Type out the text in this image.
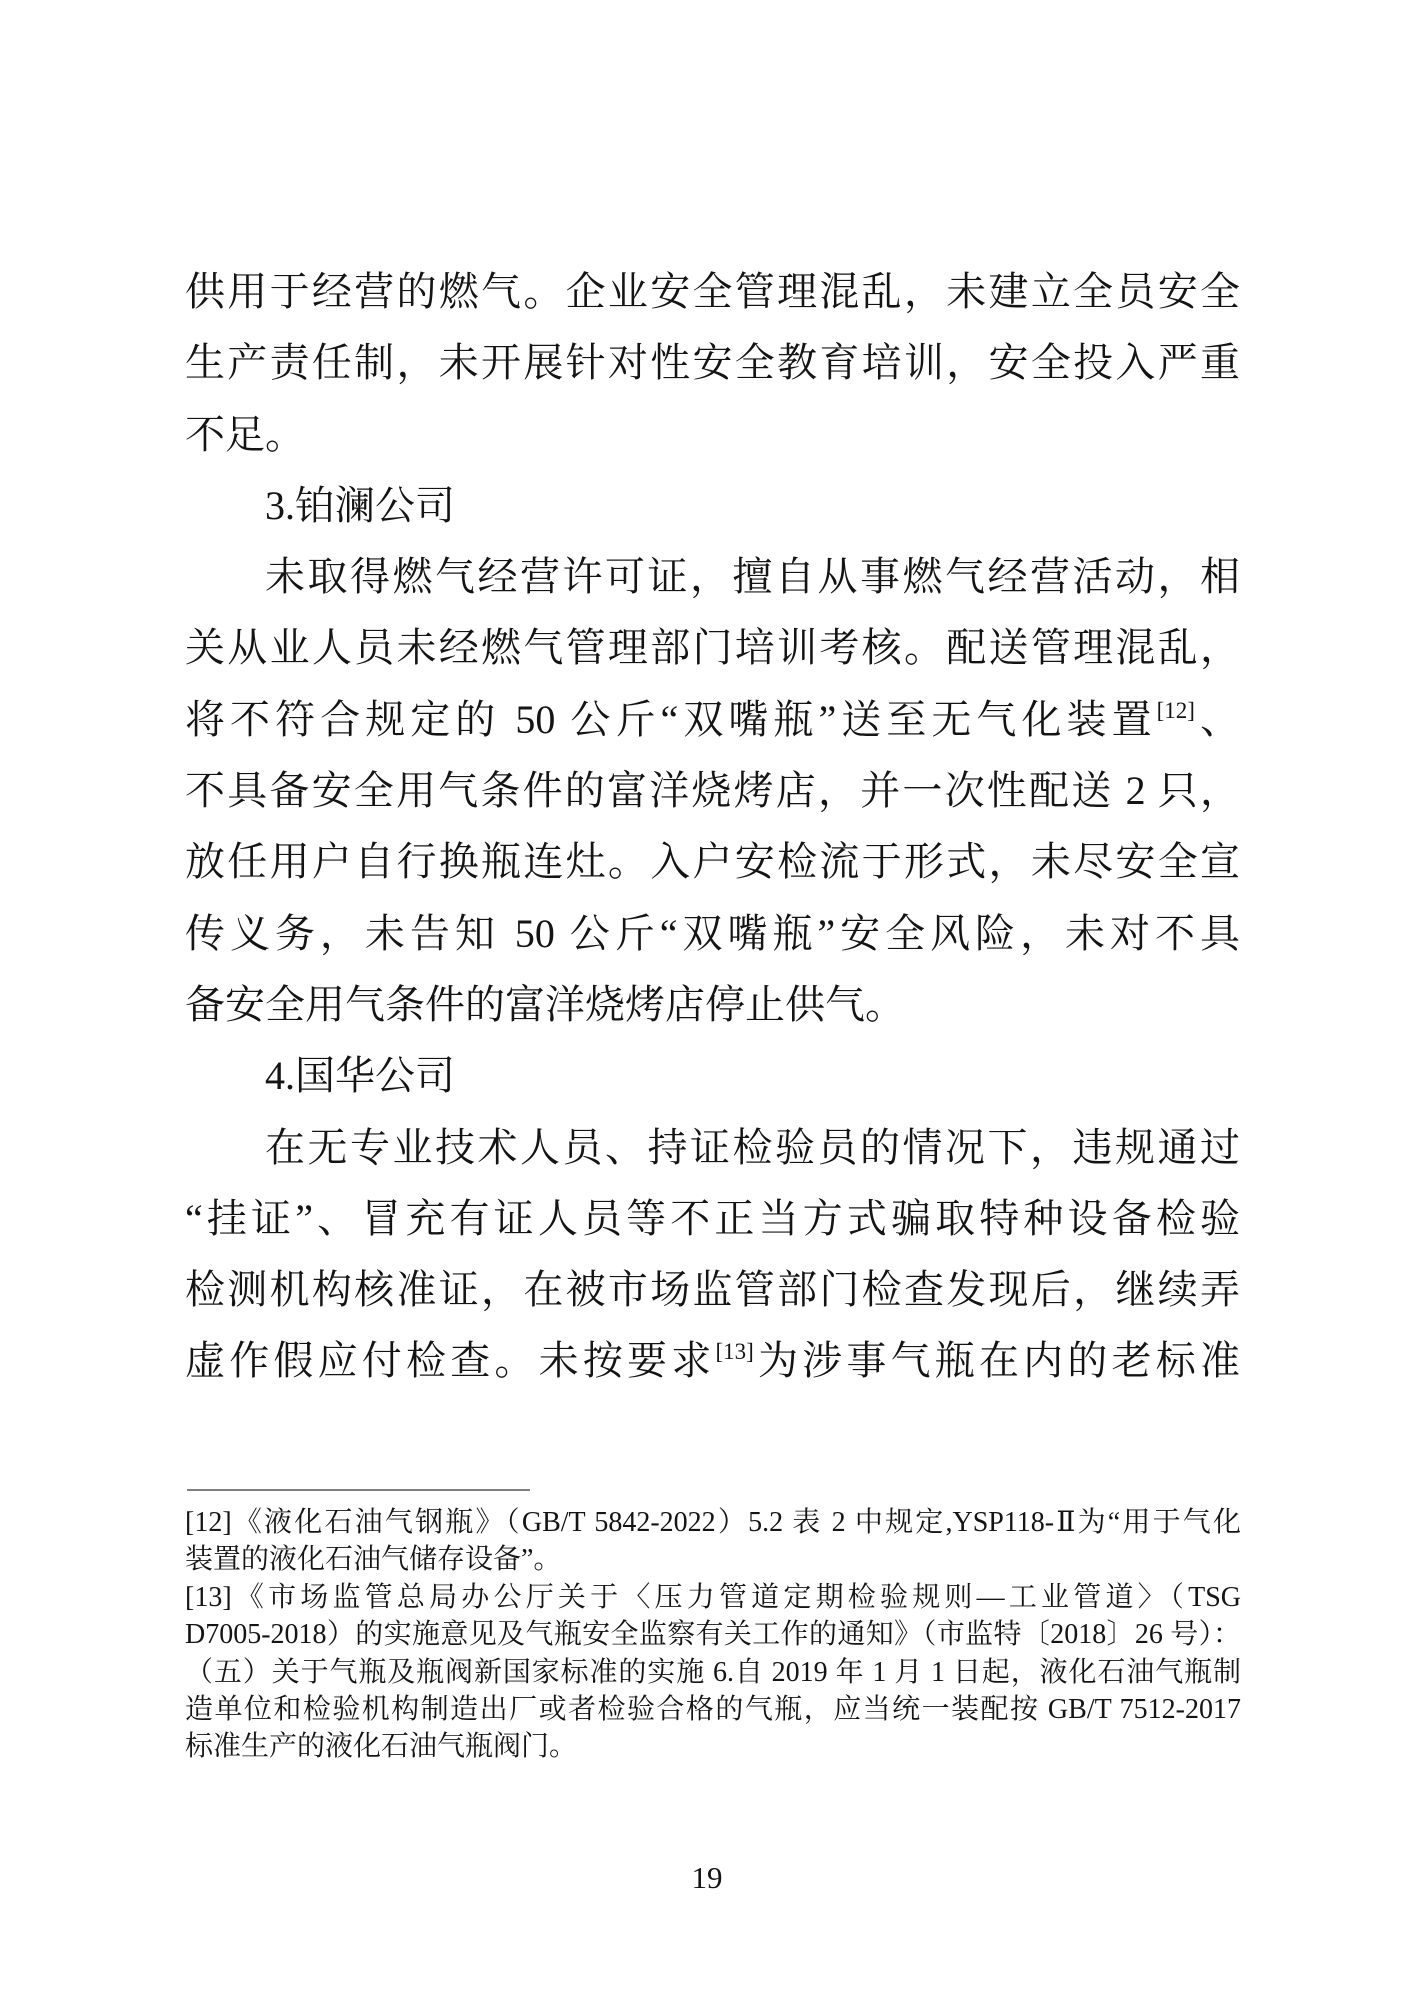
供用于经营的燃气。企业安全管理混乱，未建立全员安全
生产责任制，未开展针对性安全教育培训，安全投入严重
不足。
3.铂澜公司
未取得燃气经营许可证，擅自从事燃气经营活动，相
关从业人员未经燃气管理部门培训考核。配送管理混乱，
将不符合规定的 50 公斤“双嘴瓶”送至无气化装置[12]、
不具备安全用气条件的富洋烧烤店，并一次性配送 2 只，
放任用户自行换瓶连灶。入户安检流于形式，未尽安全宣
传义务，未告知 50 公斤“双嘴瓶”安全风险，未对不具
备安全用气条件的富洋烧烤店停止供气。
4.国华公司
在无专业技术人员、持证检验员的情况下，违规通过
“挂证”、冒充有证人员等不正当方式骗取特种设备检验
检测机构核准证，在被市场监管部门检查发现后，继续弄
虚作假应付检查。未按要求[13]为涉事气瓶在内的老标准
[12]《液化石油气钢瓶》（GB/T 5842-2022）5.2 表 2 中规定,YSP118-Ⅱ为“用于气化
装置的液化石油气储存设备”。
[13]《市场监管总局办公厅关于〈压力管道定期检验规则—工业管道〉（TSG
D7005-2018）的实施意见及气瓶安全监察有关工作的通知》（市监特〔2018〕26 号）：
（五）关于气瓶及瓶阀新国家标准的实施 6.自 2019 年 1 月 1 日起，液化石油气瓶制
造单位和检验机构制造出厂或者检验合格的气瓶，应当统一装配按 GB/T 7512-2017
标准生产的液化石油气瓶阀门。
19
